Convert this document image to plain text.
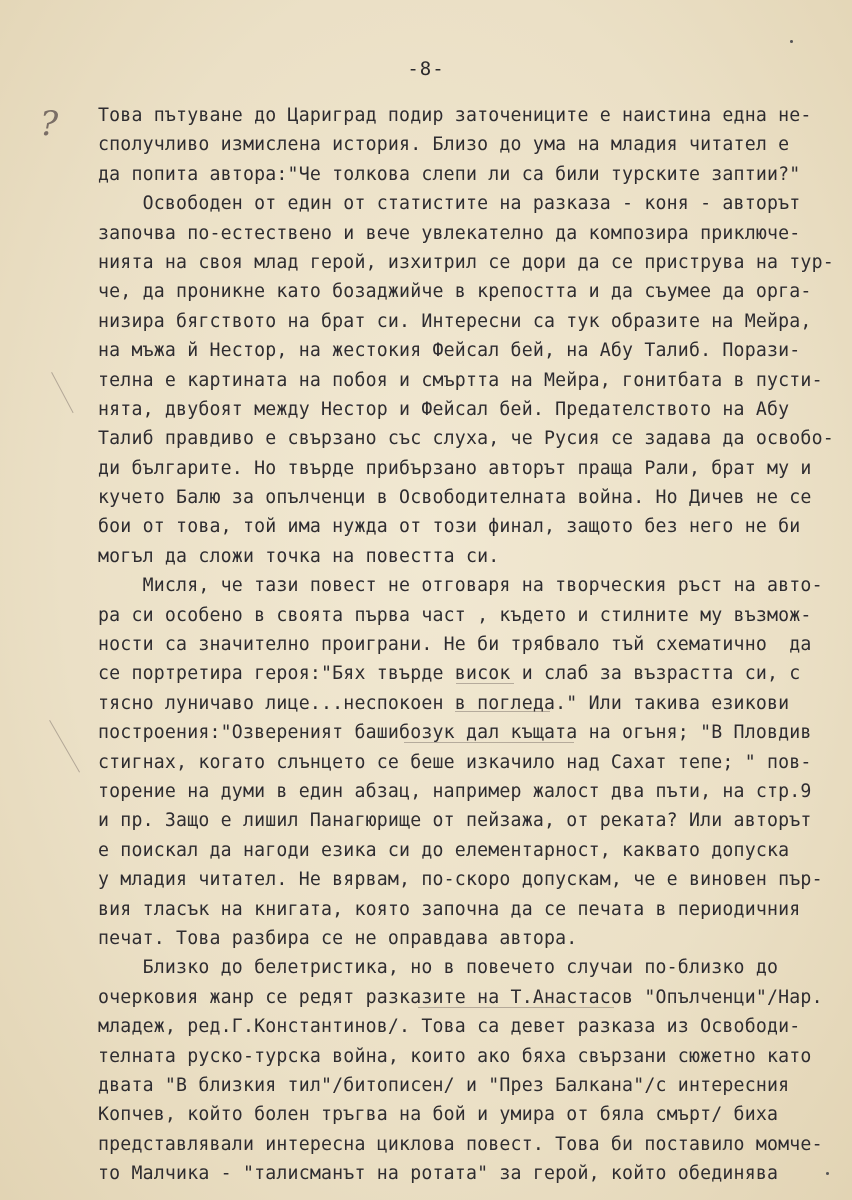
?
-8-
Това пътуване до Цариград подир заточениците е наистина една не-
сполучливо измислена история. Близо до ума на младия читател е
да попита автора:"Че толкова слепи ли са били турските заптии?"
Освободен от един от статистите на разказа - коня - авторът
започва по-естествено и вече увлекателно да композира приключе-
нията на своя млад герой, изхитрил се дори да се приструва на тур-
че, да проникне като бозаджийче в крепостта и да съумее да орга-
низира бягството на брат си. Интересни са тук образите на Мейра,
на мъжа й Нестор, на жестокия Фейсал бей, на Абу Талиб. Порази-
телна е картината на побоя и смъртта на Мейра, гонитбата в пусти-
нята, двубоят между Нестор и Фейсал бей. Предателството на Абу
Талиб правдиво е свързано със слуха, че Русия се задава да освобо-
ди българите. Но твърде прибързано авторът праща Рали, брат му и
кучето Балю за опълченци в Освободителната война. Но Дичев не се
бои от това, той има нужда от този финал, защото без него не би
могъл да сложи точка на повестта си.
Мисля, че тази повест не отговаря на творческия ръст на авто-
ра си особено в своята първа част , където и стилните му възмож-
ности са значително проиграни. Не би трябвало тъй схематично  да
се портретира героя:"Бях твърде висок и слаб за възрастта си, с
тясно луничаво лице...неспокоен в погледа." Или такива езикови
построения:"Озвереният башибозук дал къщата на огъня; "В Пловдив
стигнах, когато слънцето се беше изкачило над Сахат тепе; " пов-
торение на думи в един абзац, например жалост два пъти, на стр.9
и пр. Защо е лишил Панагюрище от пейзажа, от реката? Или авторът
е поискал да нагоди езика си до елементарност, каквато допуска
у младия читател. Не вярвам, по-скоро допускам, че е виновен пър-
вия тласък на книгата, която започна да се печата в периодичния
печат. Това разбира се не оправдава автора.
Близко до белетристика, но в повечето случаи по-близко до
очерковия жанр се редят разказите на Т.Анастасов "Опълченци"/Нар.
младеж, ред.Г.Константинов/. Това са девет разказа из Освободи-
телната руско-турска война, които ако бяха свързани сюжетно като
двата "В близкия тил"/битописен/ и "През Балкана"/с интересния
Копчев, който болен тръгва на бой и умира от бяла смърт/ биха
представлявали интересна циклова повест. Това би поставило момче-
то Малчика - "талисманът на ротата" за герой, който обединява
